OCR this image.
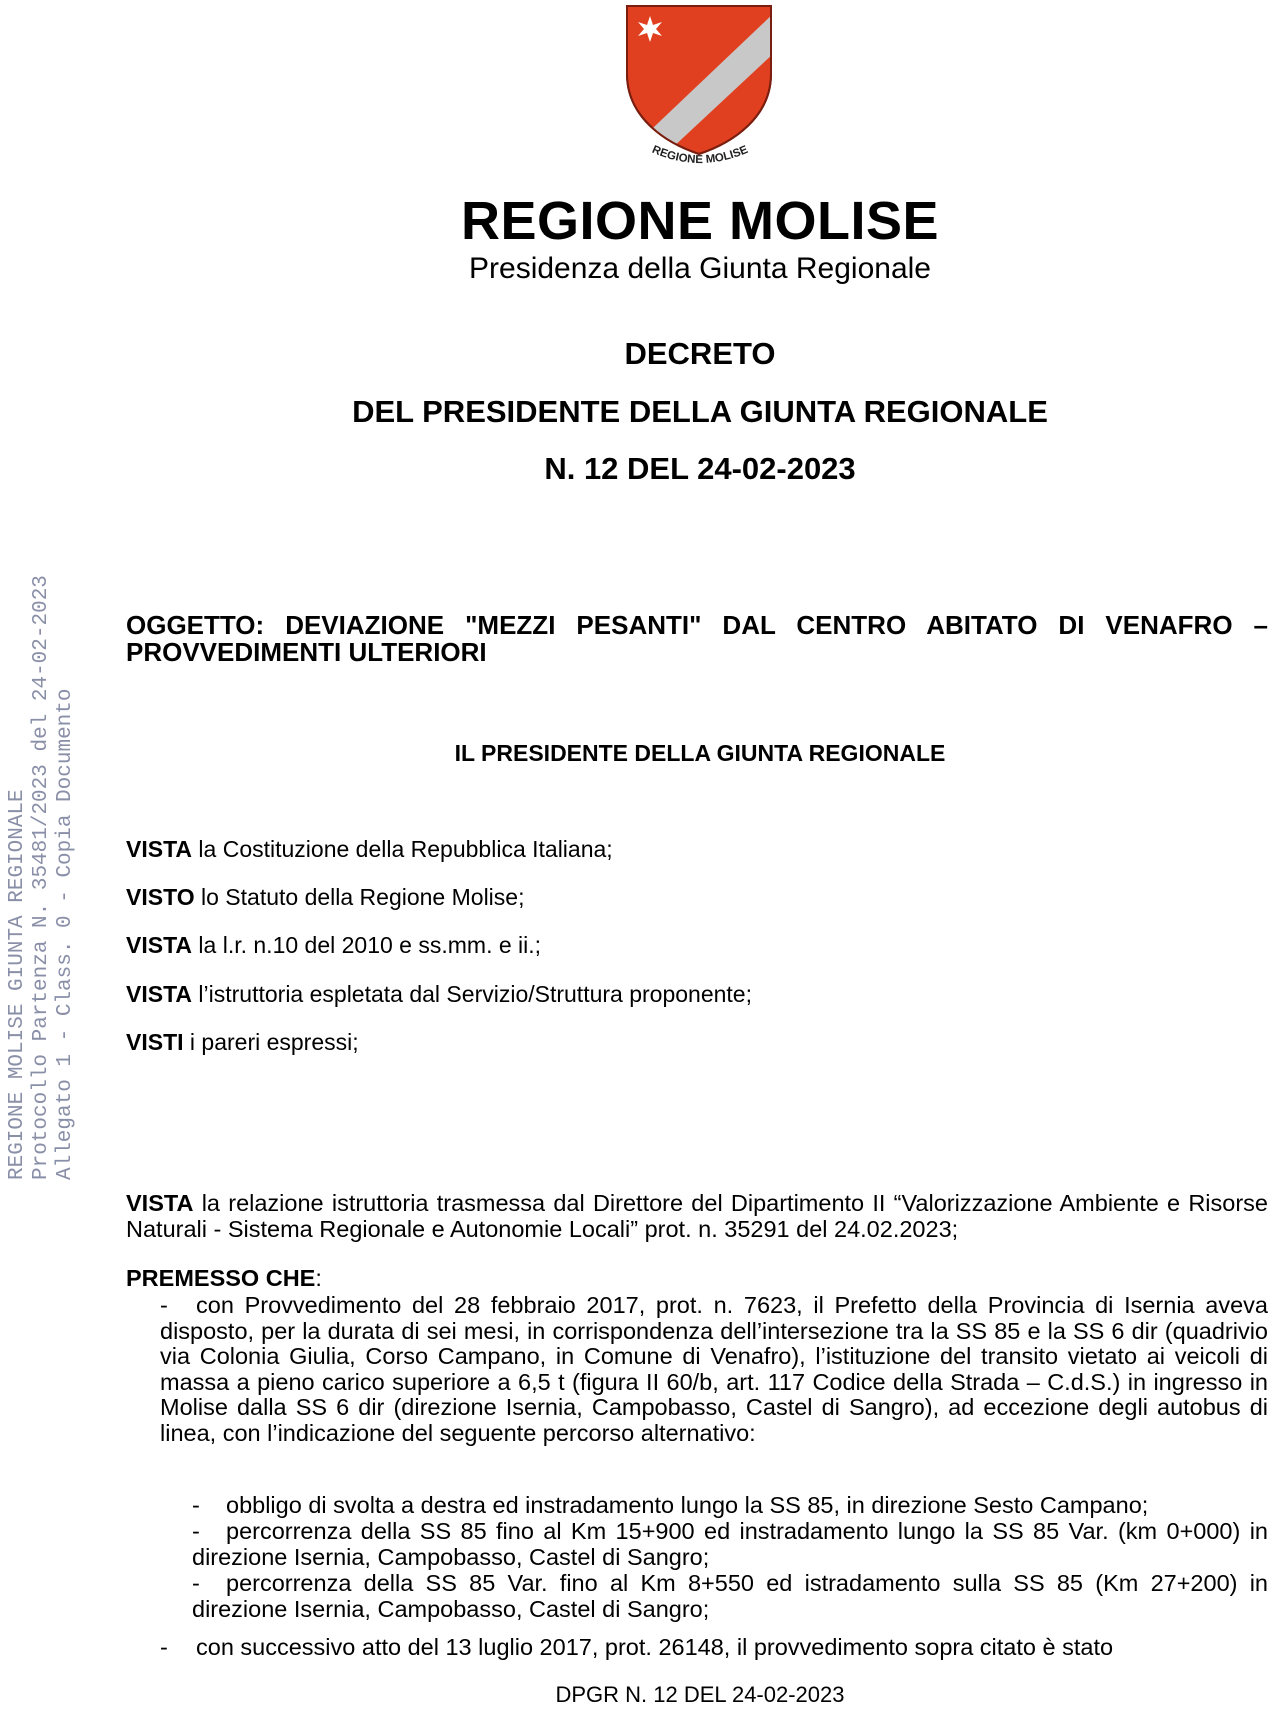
REGIONE MOLISE GIUNTA REGIONALE Protocollo Partenza N. 35481/2023 del 24-02-2023 Allegato 1 - Class. 0 - Copia Documento
REGIONE MOLISE
REGIONE MOLISE
Presidenza della Giunta Regionale
DECRETO
DEL PRESIDENTE DELLA GIUNTA REGIONALE
N. 12 DEL 24-02-2023
OGGETTO: DEVIAZIONE "MEZZI PESANTI" DAL CENTRO ABITATO DI VENAFRO – PROVVEDIMENTI ULTERIORI
IL PRESIDENTE DELLA GIUNTA REGIONALE
VISTA la Costituzione della Repubblica Italiana;
VISTO lo Statuto della Regione Molise;
VISTA la l.r. n.10 del 2010 e ss.mm. e ii.;
VISTA l’istruttoria espletata dal Servizio/Struttura proponente;
VISTI i pareri espressi;
VISTA la relazione istruttoria trasmessa dal Direttore del Dipartimento II “Valorizzazione Ambiente e Risorse Naturali - Sistema Regionale e Autonomie Locali” prot. n. 35291 del 24.02.2023;
PREMESSO CHE:
- con Provvedimento del 28 febbraio 2017, prot. n. 7623, il Prefetto della Provincia di Isernia aveva disposto, per la durata di sei mesi, in corrispondenza dell’intersezione tra la SS 85 e la SS 6 dir (quadrivio via Colonia Giulia, Corso Campano, in Comune di Venafro), l’istituzione del transito vietato ai veicoli di massa a pieno carico superiore a 6,5 t (figura II 60/b, art. 117 Codice della Strada – C.d.S.) in ingresso in Molise dalla SS 6 dir (direzione Isernia, Campobasso, Castel di Sangro), ad eccezione degli autobus di linea, con l’indicazione del seguente percorso alternativo:
- obbligo di svolta a destra ed instradamento lungo la SS 85, in direzione Sesto Campano;
- percorrenza della SS 85 fino al Km 15+900 ed instradamento lungo la SS 85 Var. (km 0+000) in direzione Isernia, Campobasso, Castel di Sangro;
- percorrenza della SS 85 Var. fino al Km 8+550 ed istradamento sulla SS 85 (Km 27+200) in direzione Isernia, Campobasso, Castel di Sangro;
- con successivo atto del 13 luglio 2017, prot. 26148, il provvedimento sopra citato è stato
DPGR N. 12 DEL 24-02-2023
